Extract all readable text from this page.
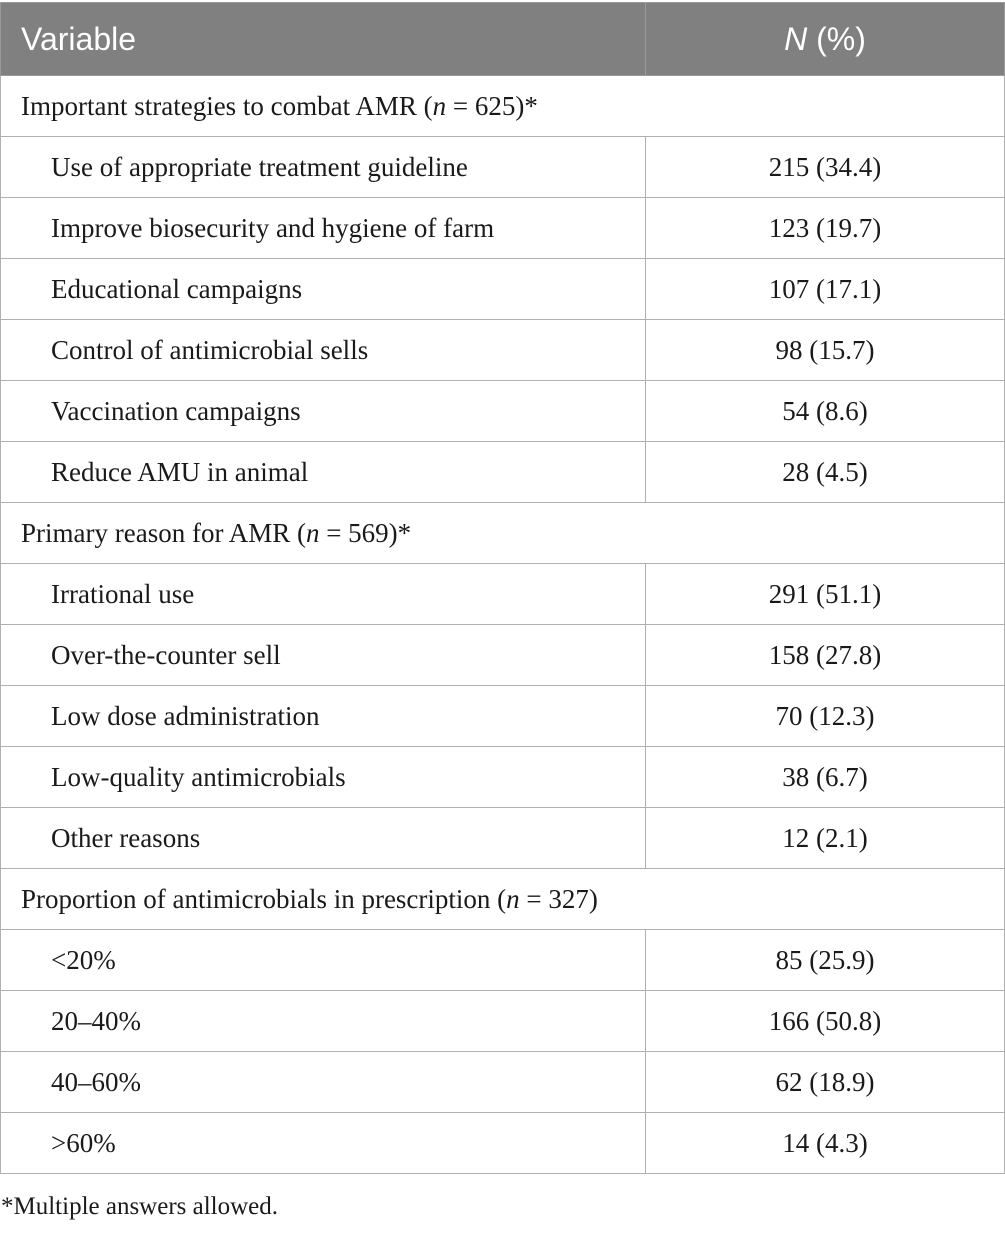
Variable	N (%)
Important strategies to combat AMR (n = 625)*	
Use of appropriate treatment guideline	215 (34.4)
Improve biosecurity and hygiene of farm	123 (19.7)
Educational campaigns	107 (17.1)
Control of antimicrobial sells	98 (15.7)
Vaccination campaigns	54 (8.6)
Reduce AMU in animal	28 (4.5)
Primary reason for AMR (n = 569)*	
Irrational use	291 (51.1)
Over-the-counter sell	158 (27.8)
Low dose administration	70 (12.3)
Low-quality antimicrobials	38 (6.7)
Other reasons	12 (2.1)
Proportion of antimicrobials in prescription (n = 327)	
<20%	85 (25.9)
20–40%	166 (50.8)
40–60%	62 (18.9)
>60%	14 (4.3)
*Multiple answers allowed.
